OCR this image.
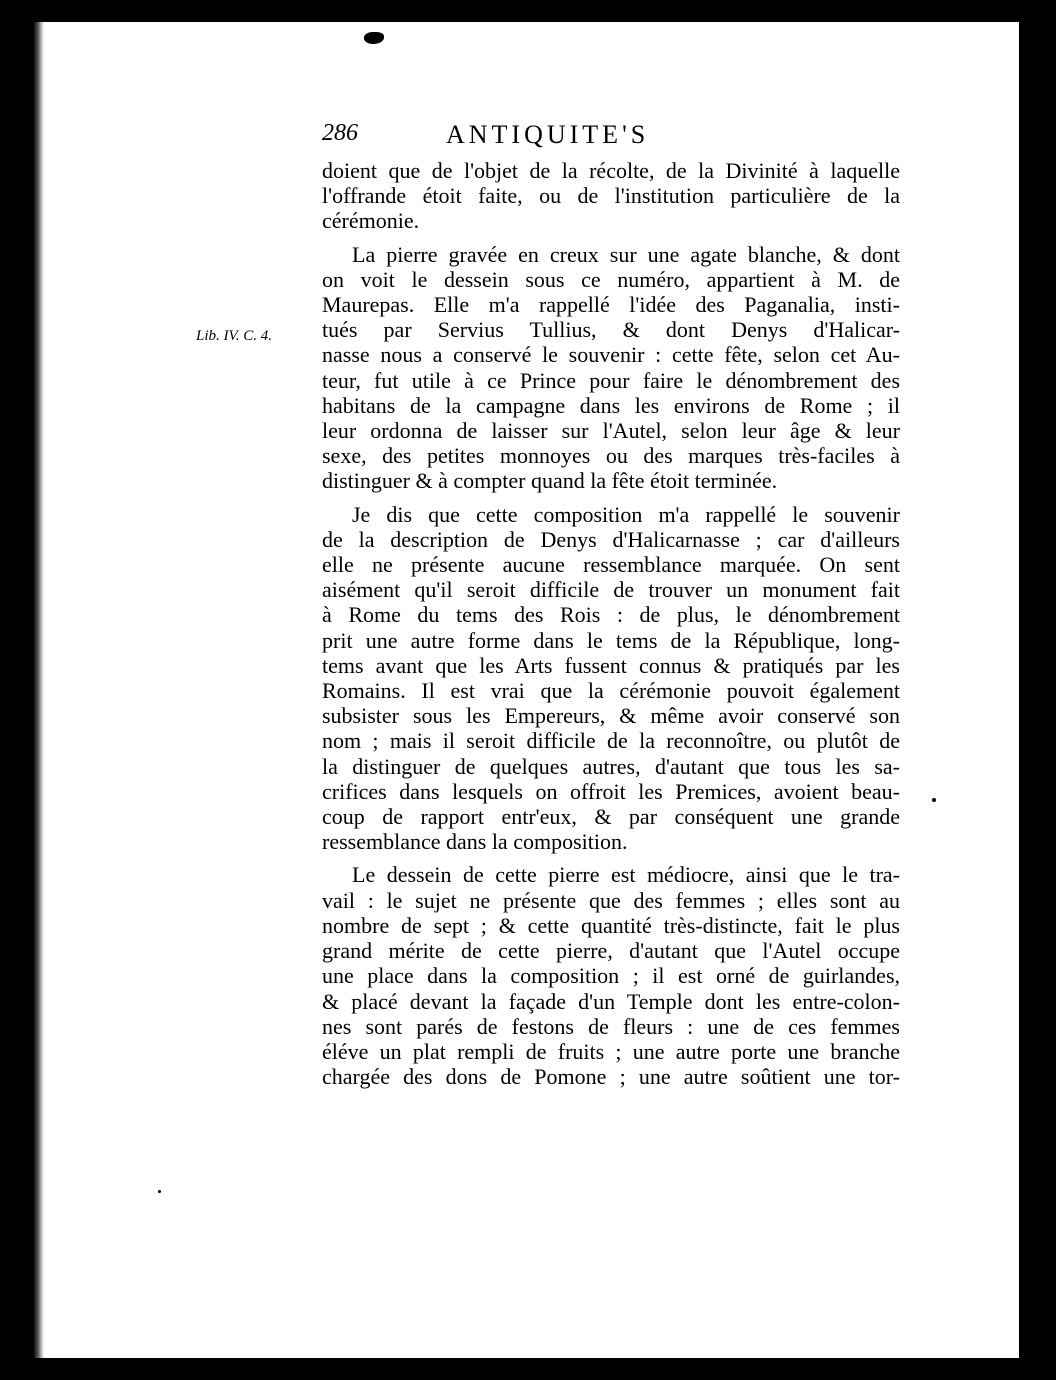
286	ANTIQUITE'S
Lib. IV. C. 4.

doient que de l'objet de la récolte, de la Divinité à laquelle
l'offrande étoit faite, ou de l'institution particulière de la
cérémonie.

La pierre gravée en creux sur une agate blanche, & dont
on voit le dessein sous ce numéro, appartient à M. de
Maurepas. Elle m'a rappellé l'idée des Paganalia, insti-
tués par Servius Tullius, & dont Denys d'Halicar-
nasse nous a conservé le souvenir : cette fête, selon cet Au-
teur, fut utile à ce Prince pour faire le dénombrement des
habitans de la campagne dans les environs de Rome ; il
leur ordonna de laisser sur l'Autel, selon leur âge & leur
sexe, des petites monnoyes ou des marques très-faciles à
distinguer & à compter quand la fête étoit terminée.

Je dis que cette composition m'a rappellé le souvenir
de la description de Denys d'Halicarnasse ; car d'ailleurs
elle ne présente aucune ressemblance marquée. On sent
aisément qu'il seroit difficile de trouver un monument fait
à Rome du tems des Rois : de plus, le dénombrement
prit une autre forme dans le tems de la République, long-
tems avant que les Arts fussent connus & pratiqués par les
Romains. Il est vrai que la cérémonie pouvoit également
subsister sous les Empereurs, & même avoir conservé son
nom ; mais il seroit difficile de la reconnoître, ou plutôt de
la distinguer de quelques autres, d'autant que tous les sa-
crifices dans lesquels on offroit les Premices, avoient beau-
coup de rapport entr'eux, & par conséquent une grande
ressemblance dans la composition.

Le dessein de cette pierre est médiocre, ainsi que le tra-
vail : le sujet ne présente que des femmes ; elles sont au
nombre de sept ; & cette quantité très-distincte, fait le plus
grand mérite de cette pierre, d'autant que l'Autel occupe
une place dans la composition ; il est orné de guirlandes,
& placé devant la façade d'un Temple dont les entre-colon-
nes sont parés de festons de fleurs : une de ces femmes
éléve un plat rempli de fruits ; une autre porte une branche
chargée des dons de Pomone ; une autre soûtient une tor-
